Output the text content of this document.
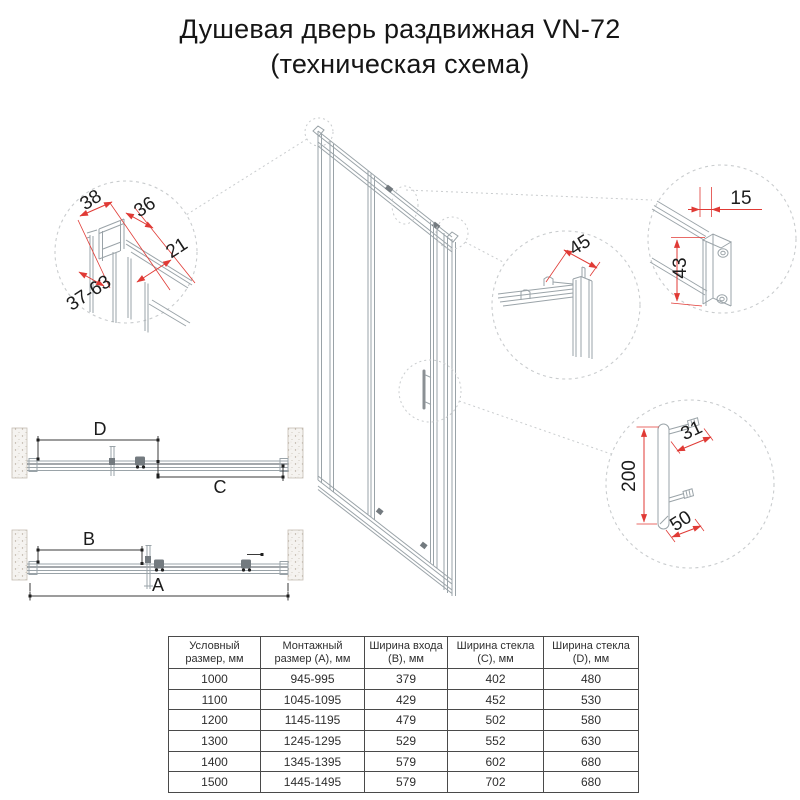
Душевая дверь раздвижная VN-72
(техническая схема)
38 36
21
37-63
45
15
43
200
31
50
D
C
B
A
Условный размер, мм	Монтажный размер (A), мм	Ширина входа (B), мм	Ширина стекла (C), мм	Ширина стекла (D), мм
1000	945-995	379	402	480
1100	1045-1095	429	452	530
1200	1145-1195	479	502	580
1300	1245-1295	529	552	630
1400	1345-1395	579	602	680
1500	1445-1495	579	702	680
